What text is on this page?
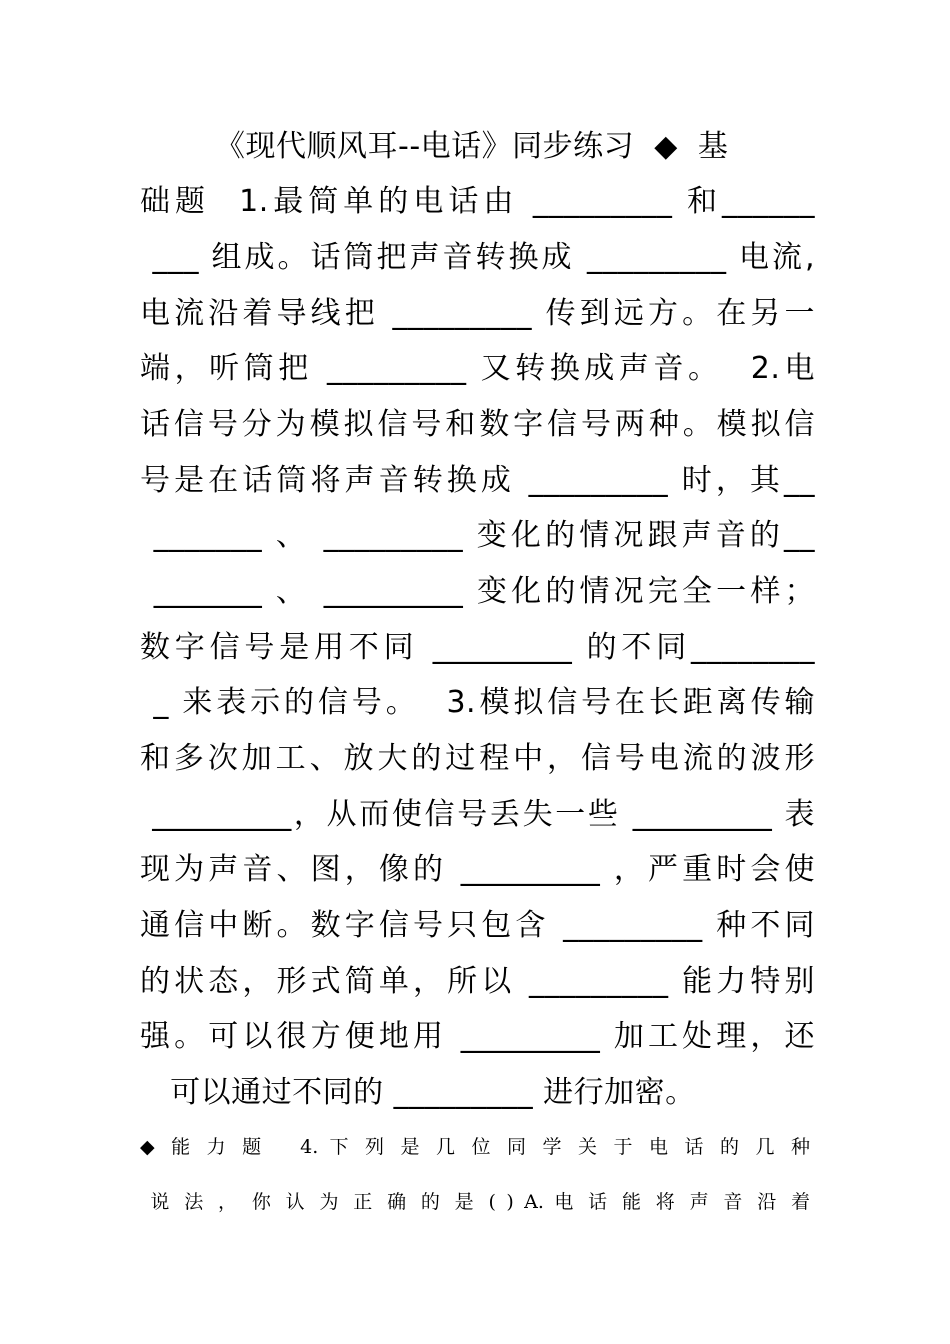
《现代顺风耳--电话》同步练习  ◆  基
础题  1.最简单的电话由 _________ 和______
___ 组成。话筒把声音转换成 _________ 电流,
电流沿着导线把 _________ 传到远方。在另一
端，听筒把 _________ 又转换成声音。  2.电
话信号分为模拟信号和数字信号两种。模拟信
号是在话筒将声音转换成 _________ 时，其__
_______ 、 _________ 变化的情况跟声音的__
_______ 、 _________ 变化的情况完全一样；
数字信号是用不同 _________ 的不同________
_ 来表示的信号。  3.模拟信号在长距离传输
和多次加工、放大的过程中，信号电流的波形
_________，从而使信号丢失一些 _________ 表
现为声音、图，像的 _________ ，严重时会使
通信中断。数字信号只包含 _________ 种不同
的状态，形式简单，所以 _________ 能力特别
强。可以很方便地用 _________ 加工处理，还
可以通过不同的 _________ 进行加密。
◆ 能 力 题   4. 下 列 是 几 位 同 学 关 于 电 话 的 几 种
说 法 ， 你 认 为 正 确 的 是 ( ) A. 电 话 能 将 声 音 沿 着
